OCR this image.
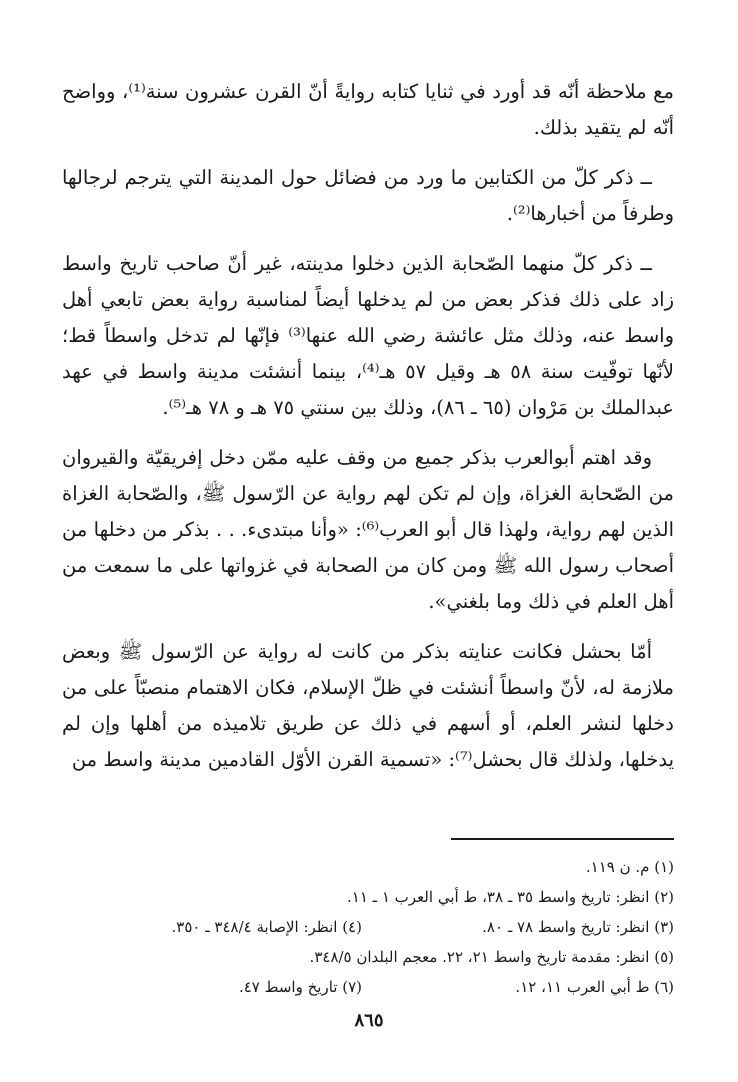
مع ملاحظة أنّه قد أورد في ثنايا كتابه روايةً أنّ القرن عشرون سنة⁽¹⁾، وواضح أنّه لم يتقيد بذلك.

ــ ذكر كلّ من الكتابين ما ورد من فضائل حول المدينة التي يترجم لرجالها وطرفاً من أخبارها⁽²⁾.

ــ ذكر كلّ منهما الصّحابة الذين دخلوا مدينته، غير أنّ صاحب تاريخ واسط زاد على ذلك فذكر بعض من لم يدخلها أيضاً لمناسبة رواية بعض تابعي أهل واسط عنه، وذلك مثل عائشة رضي الله عنها⁽³⁾ فإنّها لم تدخل واسطاً قط؛ لأنّها توفّيت سنة ٥٨ هـ وقيل ٥٧ هـ⁽⁴⁾، بينما أنشئت مدينة واسط في عهد عبدالملك بن مَرْوان (٦٥ ـ ٨٦)، وذلك بين سنتي ٧٥ هـ و ٧٨ هـ⁽⁵⁾.

وقد اهتم أبوالعرب بذكر جميع من وقف عليه ممّن دخل إفريقيّة والقيروان من الصّحابة الغزاة، وإن لم تكن لهم رواية عن الرّسول ﷺ، والصّحابة الغزاة الذين لهم رواية، ولهذا قال أبو العرب⁽⁶⁾: «وأنا مبتدىء. . . بذكر من دخلها من أصحاب رسول الله ﷺ ومن كان من الصحابة في غزواتها على ما سمعت من أهل العلم في ذلك وما بلغني».

أمّا بحشل فكانت عنايته بذكر من كانت له رواية عن الرّسول ﷺ وبعض ملازمة له، لأنّ واسطاً أنشئت في ظلّ الإسلام، فكان الاهتمام منصبّاً على من دخلها لنشر العلم، أو أسهم في ذلك عن طريق تلاميذه من أهلها وإن لم يدخلها، ولذلك قال بحشل⁽⁷⁾: «تسمية القرن الأوّل القادمين مدينة واسط من

(١) م. ن ١١٩.
(٢) انظر: تاريخ واسط ٣٥ ـ ٣٨، ط أبي العرب ١ ـ ١١.
(٣) انظر: تاريخ واسط ٧٨ ـ ٨٠.
(٤) انظر: الإصابة ٣٤٨/٤ ـ ٣٥٠.
(٥) انظر: مقدمة تاريخ واسط ٢١، ٢٢. معجم البلدان ٣٤٨/٥.
(٦) ط أبي العرب ١١، ١٢.
(٧) تاريخ واسط ٤٧.
٨٦٥
